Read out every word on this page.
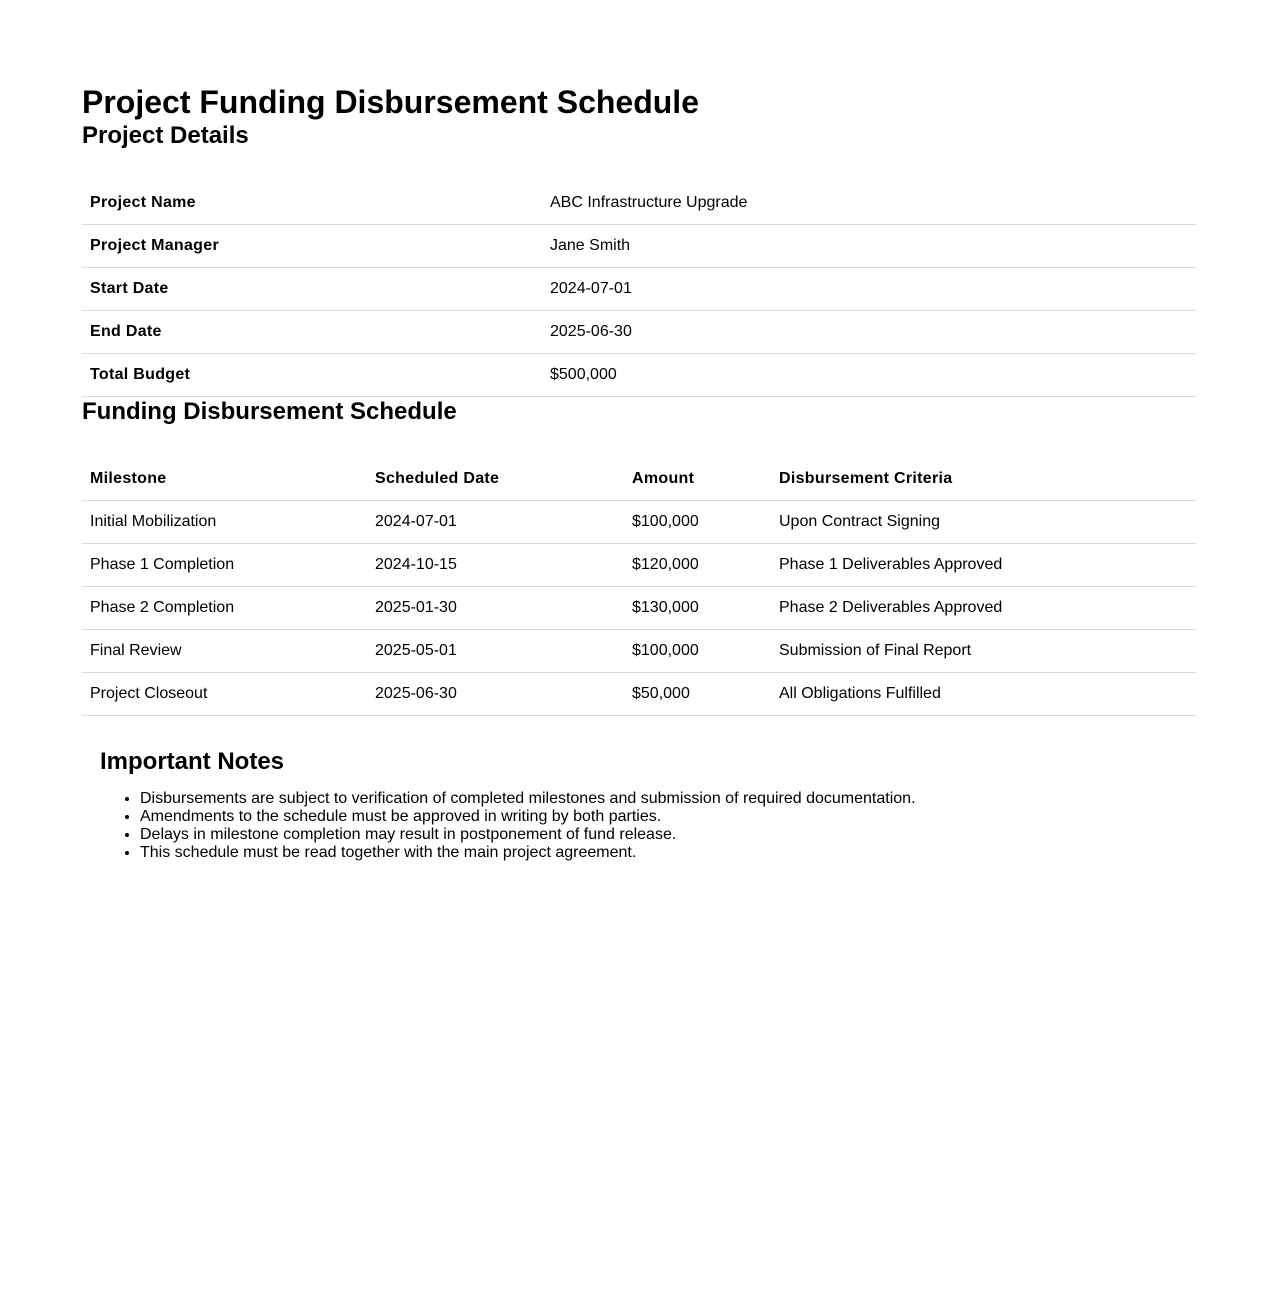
Project Funding Disbursement Schedule
Project Details
Project Name	ABC Infrastructure Upgrade
Project Manager	Jane Smith
Start Date	2024-07-01
End Date	2025-06-30
Total Budget	$500,000
Funding Disbursement Schedule
Milestone	Scheduled Date	Amount	Disbursement Criteria
Initial Mobilization	2024-07-01	$100,000	Upon Contract Signing
Phase 1 Completion	2024-10-15	$120,000	Phase 1 Deliverables Approved
Phase 2 Completion	2025-01-30	$130,000	Phase 2 Deliverables Approved
Final Review	2025-05-01	$100,000	Submission of Final Report
Project Closeout	2025-06-30	$50,000	All Obligations Fulfilled
Important Notes
• Disbursements are subject to verification of completed milestones and submission of required documentation.
• Amendments to the schedule must be approved in writing by both parties.
• Delays in milestone completion may result in postponement of fund release.
• This schedule must be read together with the main project agreement.
